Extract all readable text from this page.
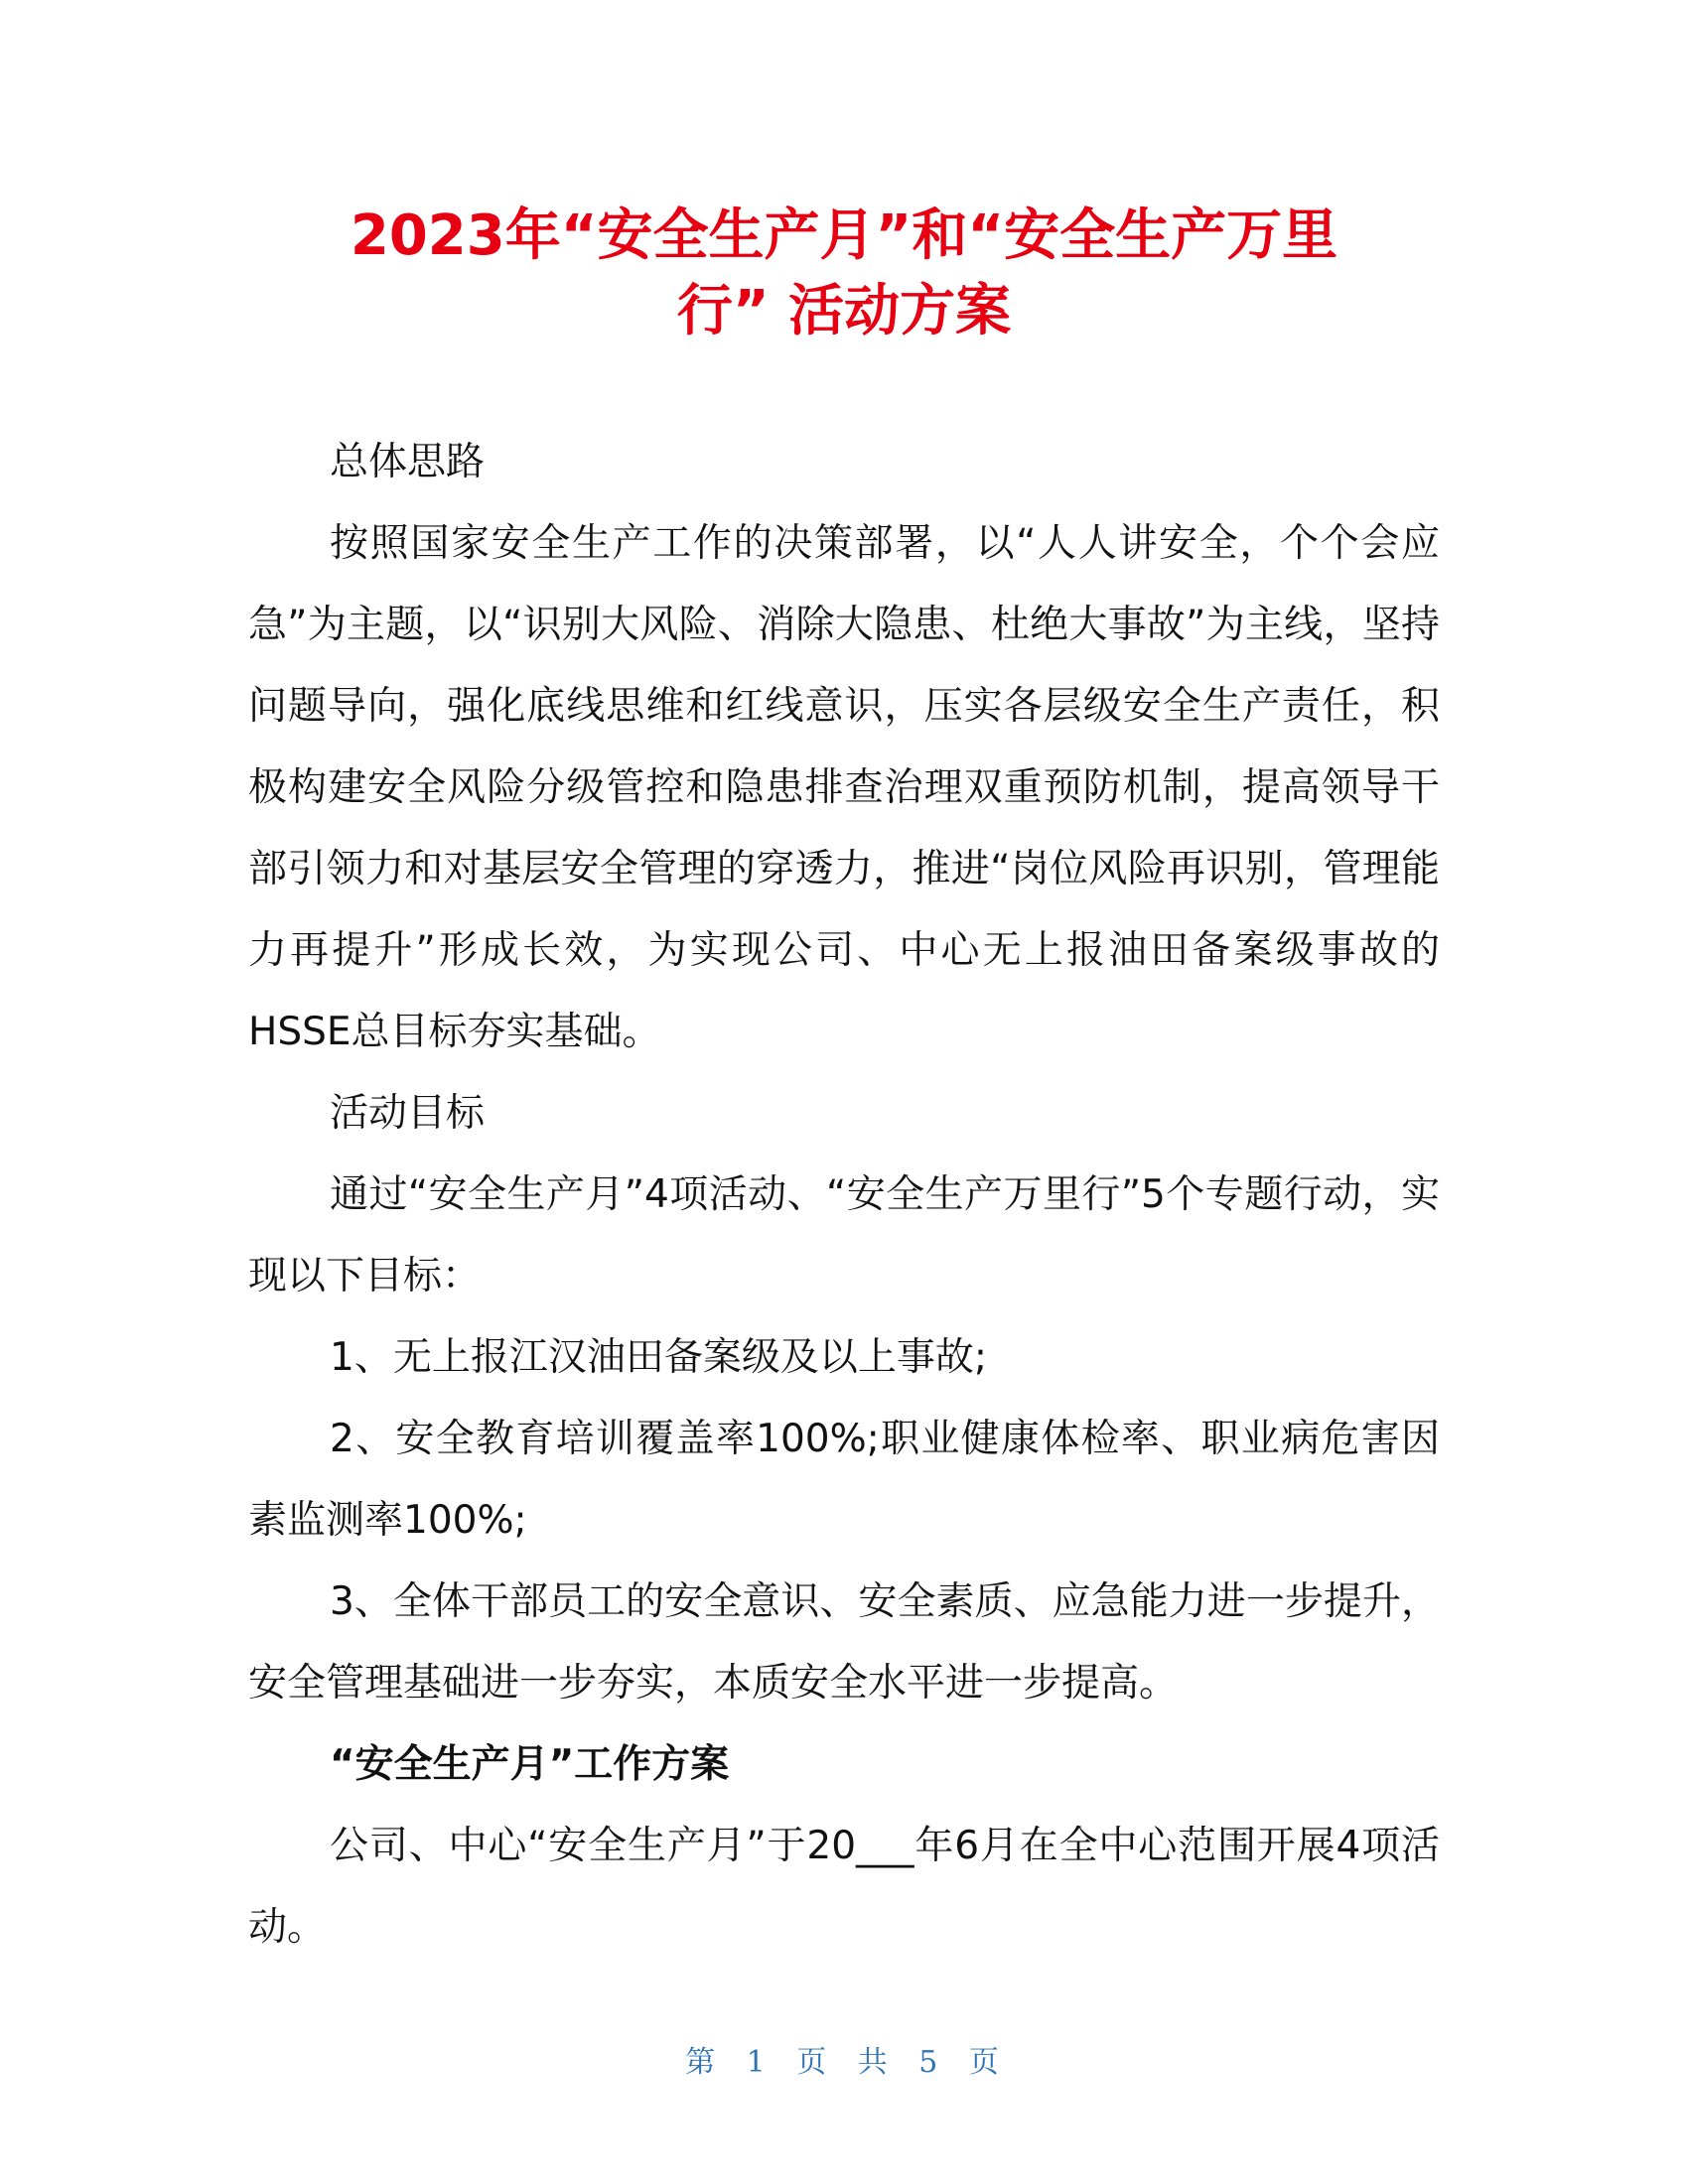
2023年“安全生产月”和“安全生产万里
行” 活动方案

总体思路

按照国家安全生产工作的决策部署，以“人人讲安全，个个会应急”为主题，以“识别大风险、消除大隐患、杜绝大事故”为主线，坚持问题导向，强化底线思维和红线意识，压实各层级安全生产责任，积极构建安全风险分级管控和隐患排查治理双重预防机制，提高领导干部引领力和对基层安全管理的穿透力，推进“岗位风险再识别，管理能力再提升”形成长效，为实现公司、中心无上报油田备案级事故的HSSE总目标夯实基础。

活动目标

通过“安全生产月”4项活动、“安全生产万里行”5个专题行动，实现以下目标：

1、无上报江汉油田备案级及以上事故;

2、安全教育培训覆盖率100%;职业健康体检率、职业病危害因素监测率100%;

3、全体干部员工的安全意识、安全素质、应急能力进一步提升，安全管理基础进一步夯实，本质安全水平进一步提高。

“安全生产月”工作方案

公司、中心“安全生产月”于20___年6月在全中心范围开展4项活动。

第 1 页 共 5 页
